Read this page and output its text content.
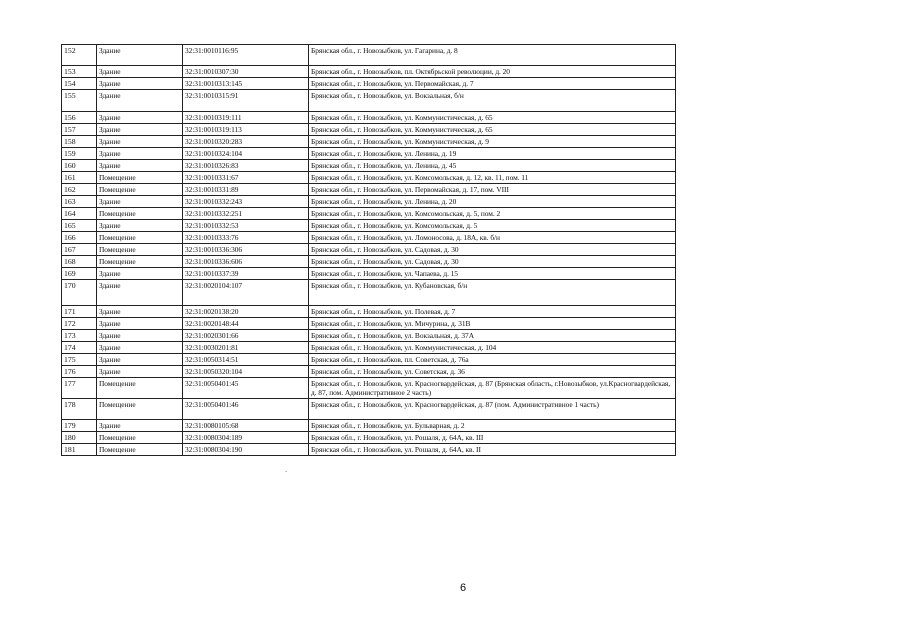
152	Здание	32:31:0010116:95	Брянская обл., г. Новозыбков, ул. Гагарина, д. 8
153	Здание	32:31:0010307:30	Брянская обл., г. Новозыбков, пл. Октябрьской революции, д. 20
154	Здание	32:31:0010313:145	Брянская обл., г. Новозыбков, ул. Первомайская, д. 7
155	Здание	32:31:0010315:91	Брянская обл., г. Новозыбков, ул. Вокзальная, б/н
156	Здание	32:31:0010319:111	Брянская обл., г. Новозыбков, ул. Коммунистическая, д. 65
157	Здание	32:31:0010319:113	Брянская обл., г. Новозыбков, ул. Коммунистическая, д. 65
158	Здание	32:31:0010320:283	Брянская обл., г. Новозыбков, ул. Коммунистическая, д. 9
159	Здание	32:31:0010324:104	Брянская обл., г. Новозыбков, ул. Ленина, д. 19
160	Здание	32:31:0010326:83	Брянская обл., г. Новозыбков, ул. Ленина, д. 45
161	Помещение	32:31:0010331:67	Брянская обл., г. Новозыбков, ул. Комсомольская, д. 12, кв. 11, пом. 11
162	Помещение	32:31:0010331:89	Брянская обл., г. Новозыбков, ул. Первомайская, д. 17, пом. VIII
163	Здание	32:31:0010332:243	Брянская обл., г. Новозыбков, ул. Ленина, д. 20
164	Помещение	32:31:0010332:251	Брянская обл., г. Новозыбков, ул. Комсомольская, д. 5, пом. 2
165	Здание	32:31:0010332:53	Брянская обл., г. Новозыбков, ул. Комсомольская, д. 5
166	Помещение	32:31:0010333:76	Брянская обл., г. Новозыбков, ул. Ломоносова, д. 18А, кв. б/н
167	Помещение	32:31:0010336:306	Брянская обл., г. Новозыбков, ул. Садовая, д. 30
168	Помещение	32:31:0010336:606	Брянская обл., г. Новозыбков, ул. Садовая, д. 30
169	Здание	32:31:0010337:39	Брянская обл., г. Новозыбков, ул. Чапаева, д. 15
170	Здание	32:31:0020104:107	Брянская обл., г. Новозыбков, ул. Кубановская, б/н
171	Здание	32:31:0020138:20	Брянская обл., г. Новозыбков, ул. Полевая, д. 7
172	Здание	32:31:0020148:44	Брянская обл., г. Новозыбков, ул. Мичурина, д. 31В
173	Здание	32:31:0020301:66	Брянская обл., г. Новозыбков, ул. Вокзальная, д. 37А
174	Здание	32:31:0030201:81	Брянская обл., г. Новозыбков, ул. Коммунистическая, д. 104
175	Здание	32:31:0050314:51	Брянская обл., г. Новозыбков, пл. Советская, д. 76а
176	Здание	32:31:0050320:104	Брянская обл., г. Новозыбков, ул. Советская, д. 36
177	Помещение	32:31:0050401:45	Брянская обл., г. Новозыбков, ул. Красногвардейская, д. 87 (Брянская область, г.Новозыбков, ул.Красногвардейская, д. 87, пом. Административное 2 часть)
178	Помещение	32:31:0050401:46	Брянская обл., г. Новозыбков, ул. Красногвардейская, д. 87 (пом. Административное 1 часть)
179	Здание	32:31:0080105:68	Брянская обл., г. Новозыбков, ул. Бульварная, д. 2
180	Помещение	32:31:0080304:189	Брянская обл., г. Новозыбков, ул. Рошаля, д. 64А, кв. III
181	Помещение	32:31:0080304:190	Брянская обл., г. Новозыбков, ул. Рошаля, д. 64А, кв. II
`
6
